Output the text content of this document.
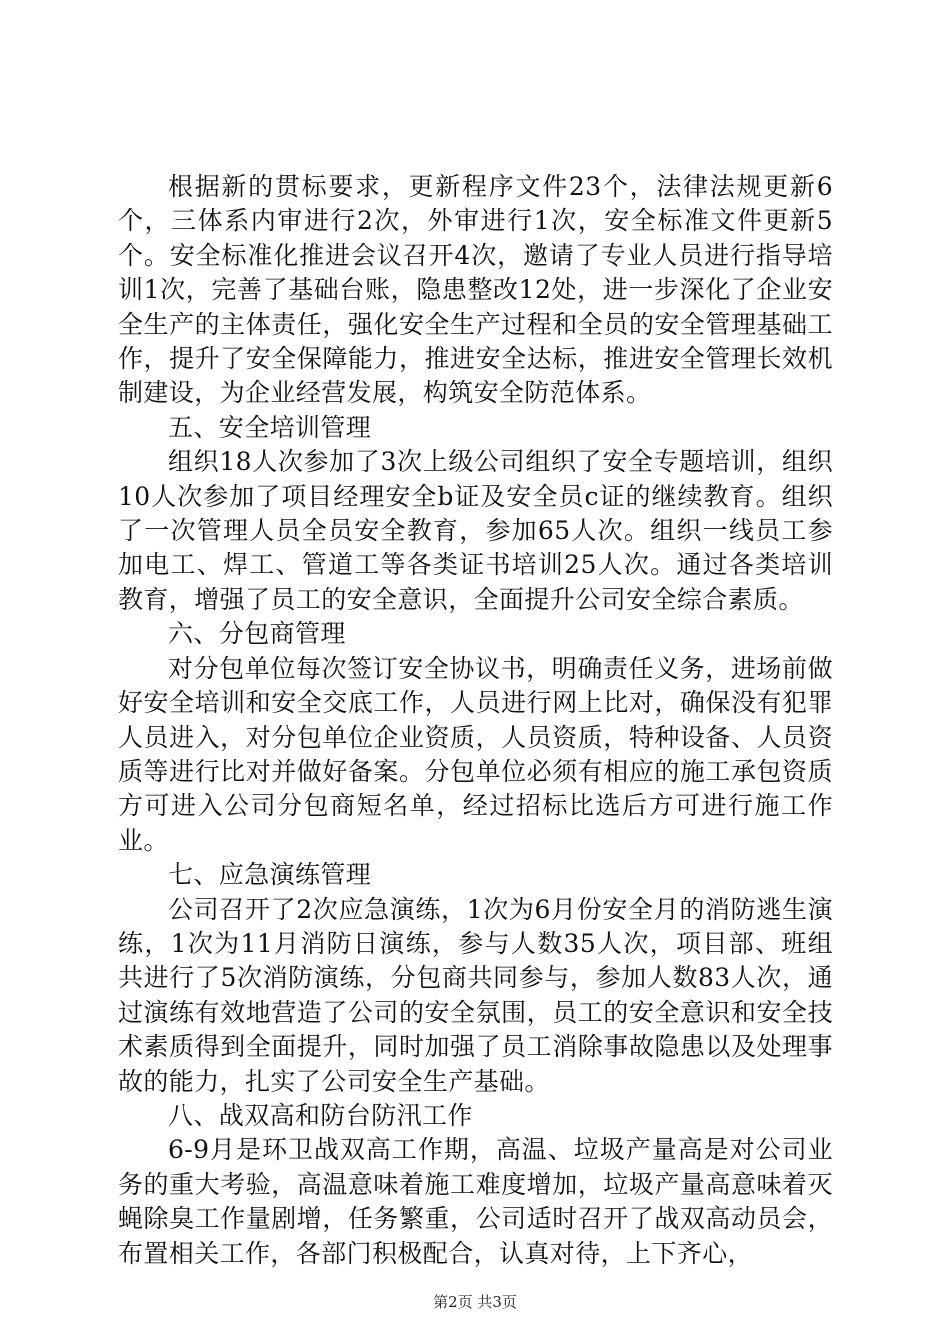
根据新的贯标要求，更新程序文件23个，法律法规更新6个，三体系内审进行2次，外审进行1次，安全标准文件更新5个。安全标准化推进会议召开4次，邀请了专业人员进行指导培训1次，完善了基础台账，隐患整改12处，进一步深化了企业安全生产的主体责任，强化安全生产过程和全员的安全管理基础工作，提升了安全保障能力，推进安全达标，推进安全管理长效机制建设，为企业经营发展，构筑安全防范体系。

五、安全培训管理

组织18人次参加了3次上级公司组织了安全专题培训，组织10人次参加了项目经理安全b证及安全员c证的继续教育。组织了一次管理人员全员安全教育，参加65人次。组织一线员工参加电工、焊工、管道工等各类证书培训25人次。通过各类培训教育，增强了员工的安全意识，全面提升公司安全综合素质。

六、分包商管理

对分包单位每次签订安全协议书，明确责任义务，进场前做好安全培训和安全交底工作，人员进行网上比对，确保没有犯罪人员进入，对分包单位企业资质，人员资质，特种设备、人员资质等进行比对并做好备案。分包单位必须有相应的施工承包资质方可进入公司分包商短名单，经过招标比选后方可进行施工作业。

七、应急演练管理

公司召开了2次应急演练，1次为6月份安全月的消防逃生演练，1次为11月消防日演练，参与人数35人次，项目部、班组共进行了5次消防演练，分包商共同参与，参加人数83人次，通过演练有效地营造了公司的安全氛围，员工的安全意识和安全技术素质得到全面提升，同时加强了员工消除事故隐患以及处理事故的能力，扎实了公司安全生产基础。

八、战双高和防台防汛工作

6-9月是环卫战双高工作期，高温、垃圾产量高是对公司业务的重大考验，高温意味着施工难度增加，垃圾产量高意味着灭蝇除臭工作量剧增，任务繁重，公司适时召开了战双高动员会，布置相关工作，各部门积极配合，认真对待，上下齐心，

第2页 共3页
